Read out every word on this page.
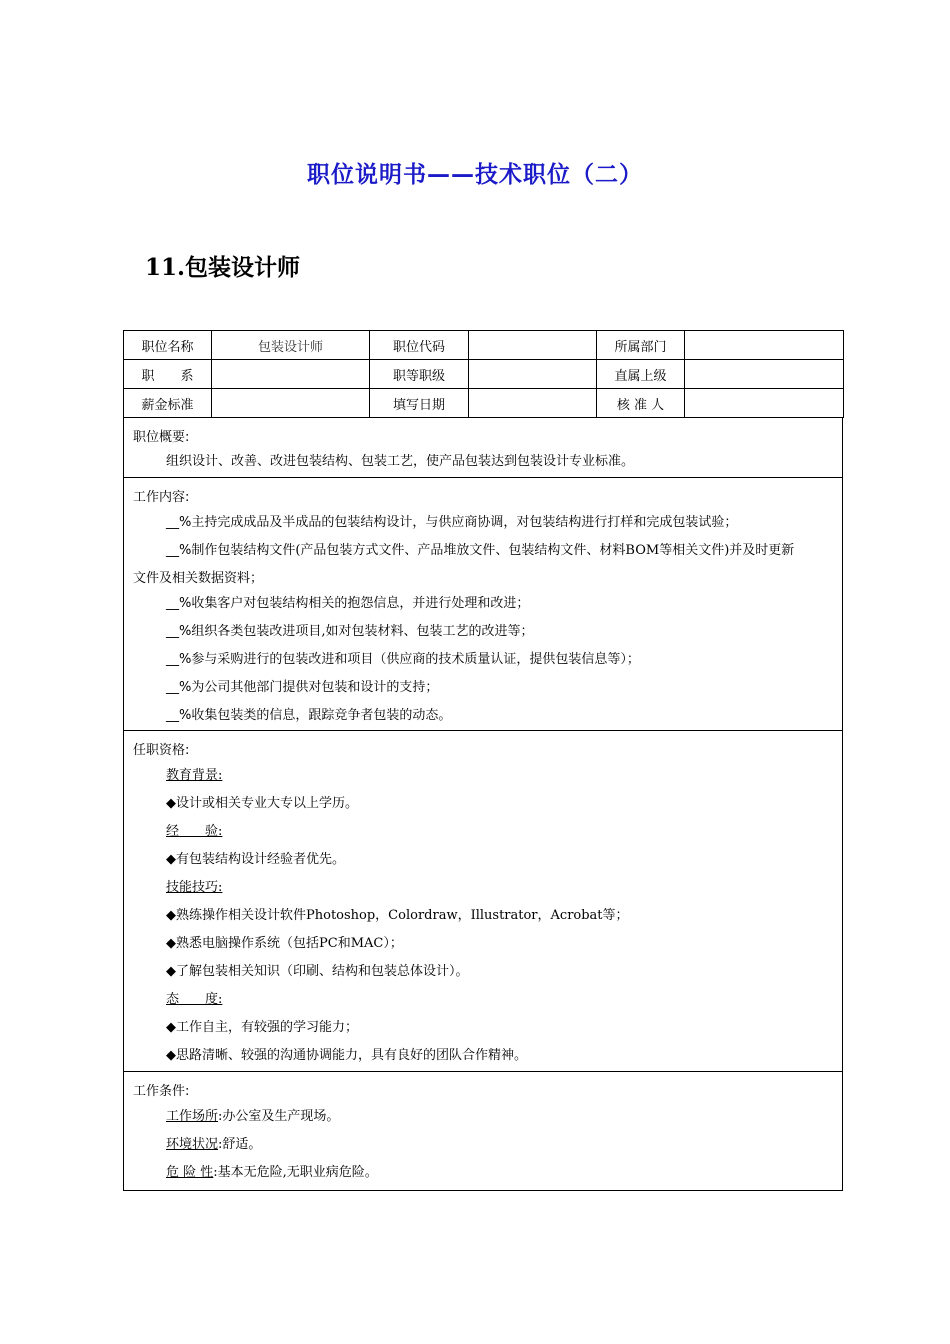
职位说明书——技术职位（二）
11.包装设计师
职位名称	包装设计师	职位代码		所属部门	
职　　系		职等职级		直属上级	
薪金标准		填写日期		核 准 人	
职位概要:
组织设计、改善、改进包装结构、包装工艺，使产品包装达到包装设计专业标准。
工作内容:
__%主持完成成品及半成品的包装结构设计，与供应商协调，对包装结构进行打样和完成包装试验；
__%制作包装结构文件(产品包装方式文件、产品堆放文件、包装结构文件、材料BOM等相关文件)并及时更新文件及相关数据资料；
__%收集客户对包装结构相关的抱怨信息，并进行处理和改进；
__%组织各类包装改进项目,如对包装材料、包装工艺的改进等；
__%参与采购进行的包装改进和项目（供应商的技术质量认证，提供包装信息等）；
__%为公司其他部门提供对包装和设计的支持；
__%收集包装类的信息，跟踪竞争者包装的动态。
任职资格:
教育背景:
◆设计或相关专业大专以上学历。
经　　验:
◆有包装结构设计经验者优先。
技能技巧:
◆熟练操作相关设计软件Photoshop，Colordraw，Illustrator，Acrobat等；
◆熟悉电脑操作系统（包括PC和MAC）；
◆了解包装相关知识（印刷、结构和包装总体设计）。
态　　度:
◆工作自主，有较强的学习能力；
◆思路清晰、较强的沟通协调能力，具有良好的团队合作精神。
工作条件:
工作场所:办公室及生产现场。
环境状况:舒适。
危 险 性:基本无危险,无职业病危险。
